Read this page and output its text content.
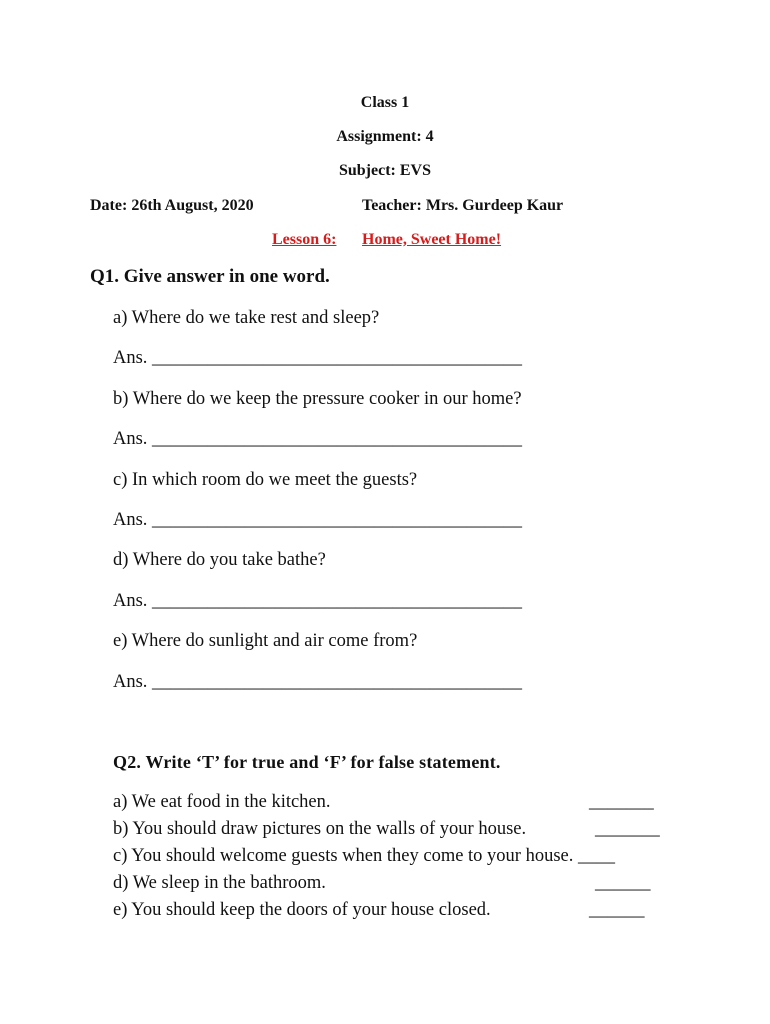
Class 1
Assignment: 4
Subject: EVS
Date: 26th August, 2020	Teacher: Mrs. Gurdeep Kaur
Lesson 6: Home, Sweet Home!
Q1. Give answer in one word.
a) Where do we take rest and sleep?
Ans. ________________________________________
b) Where do we keep the pressure cooker in our home?
Ans. ________________________________________
c) In which room do we meet the guests?
Ans. ________________________________________
d) Where do you take bathe?
Ans. ________________________________________
e) Where do sunlight and air come from?
Ans. ________________________________________
Q2. Write ‘T’ for true and ‘F’ for false statement.
a) We eat food in the kitchen.	_______
b) You should draw pictures on the walls of your house.	_______
c) You should welcome guests when they come to your house. ____
d) We sleep in the bathroom.	______
e) You should keep the doors of your house closed.	______
